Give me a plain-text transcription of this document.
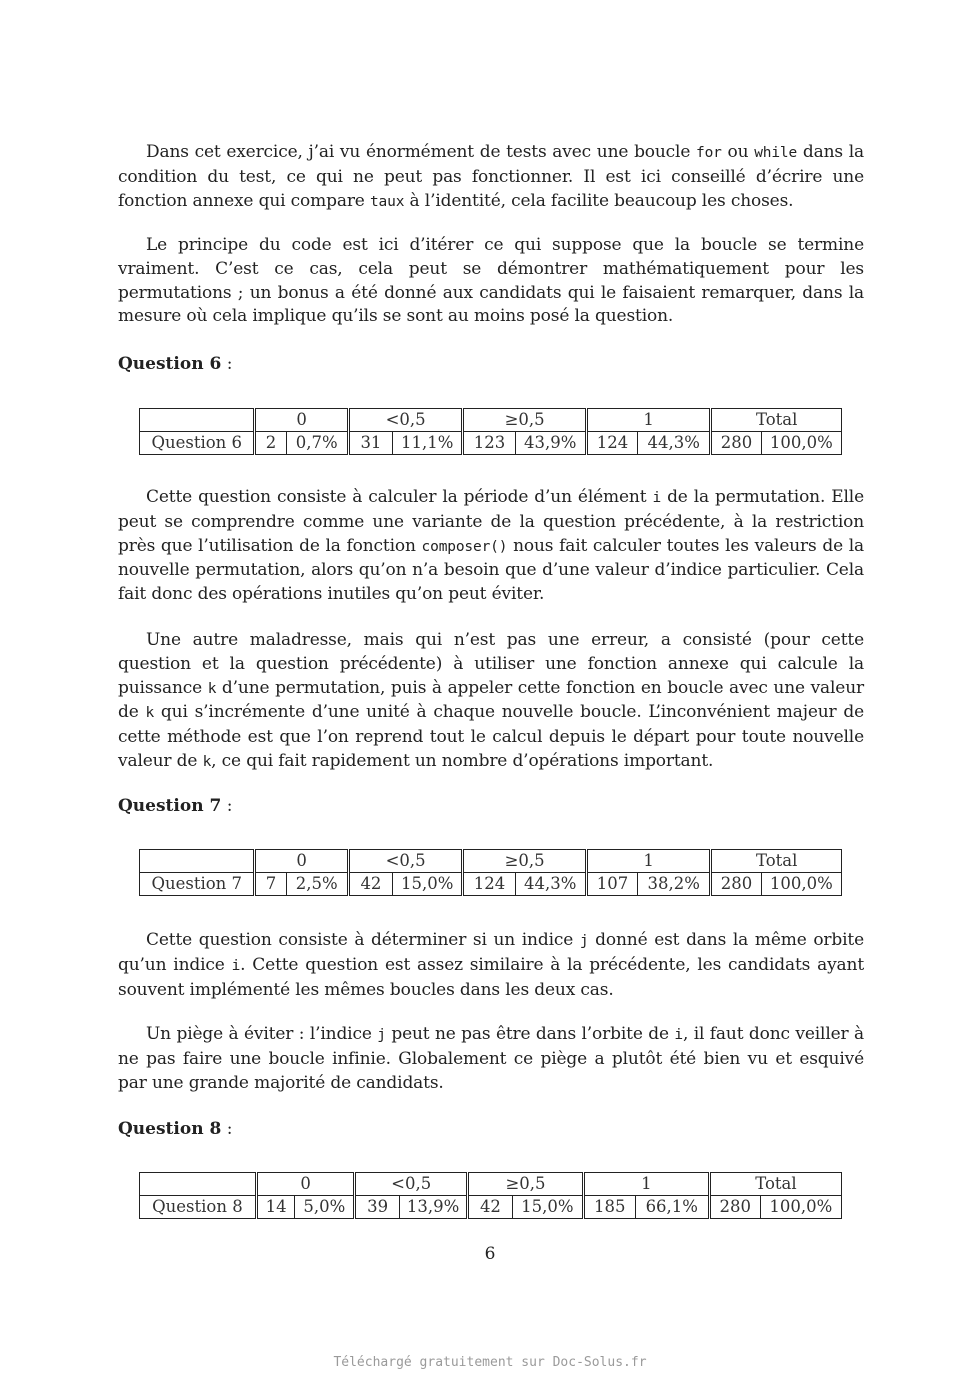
Dans cet exercice, j’ai vu énormément de tests avec une boucle for ou while dans la condition du test, ce qui ne peut pas fonctionner. Il est ici conseillé d’écrire une fonction annexe qui compare taux à l’identité, cela facilite beaucoup les choses.

Le principe du code est ici d’itérer ce qui suppose que la boucle se termine vraiment. C’est ce cas, cela peut se démontrer mathématiquement pour les permutations ; un bonus a été donné aux candidats qui le faisaient remarquer, dans la mesure où cela implique qu’ils se sont au moins posé la question.

Question 6 :

	0		<0,5		≥0,5		1		Total	
Question 6	2	0,7%	31	11,1%	123	43,9%	124	44,3%	280	100,0%

Cette question consiste à calculer la période d’un élément i de la permutation. Elle peut se comprendre comme une variante de la question précédente, à la restriction près que l’utilisation de la fonction composer() nous fait calculer toutes les valeurs de la nouvelle permutation, alors qu’on n’a besoin que d’une valeur d’indice particulier. Cela fait donc des opérations inutiles qu’on peut éviter.

Une autre maladresse, mais qui n’est pas une erreur, a consisté (pour cette question et la question précédente) à utiliser une fonction annexe qui calcule la puissance k d’une permutation, puis à appeler cette fonction en boucle avec une valeur de k qui s’incrémente d’une unité à chaque nouvelle boucle. L’inconvénient majeur de cette méthode est que l’on reprend tout le calcul depuis le départ pour toute nouvelle valeur de k, ce qui fait rapidement un nombre d’opérations important.

Question 7 :

	0		<0,5		≥0,5		1		Total	
Question 7	7	2,5%	42	15,0%	124	44,3%	107	38,2%	280	100,0%

Cette question consiste à déterminer si un indice j donné est dans la même orbite qu’un indice i. Cette question est assez similaire à la précédente, les candidats ayant souvent implémenté les mêmes boucles dans les deux cas.

Un piège à éviter : l’indice j peut ne pas être dans l’orbite de i, il faut donc veiller à ne pas faire une boucle infinie. Globalement ce piège a plutôt été bien vu et esquivé par une grande majorité de candidats.

Question 8 :

	0		<0,5		≥0,5		1		Total	
Question 8	14	5,0%	39	13,9%	42	15,0%	185	66,1%	280	100,0%

6

Téléchargé gratuitement sur Doc-Solus.fr
